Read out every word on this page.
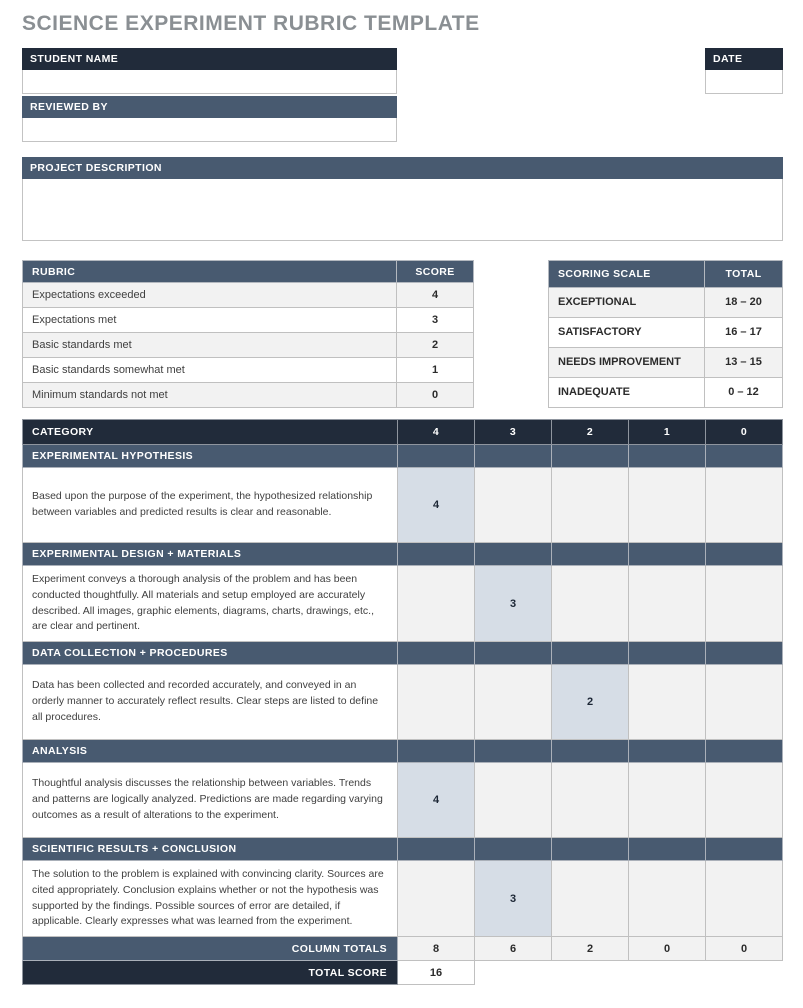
SCIENCE EXPERIMENT RUBRIC TEMPLATE
STUDENT NAME
REVIEWED BY
DATE
PROJECT DESCRIPTION
RUBRIC	SCORE
Expectations exceeded	4
Expectations met	3
Basic standards met	2
Basic standards somewhat met	1
Minimum standards not met	0
SCORING SCALE	TOTAL
EXCEPTIONAL	18 – 20
SATISFACTORY	16 – 17
NEEDS IMPROVEMENT	13 – 15
INADEQUATE	0 – 12
CATEGORY	4	3	2	1	0
EXPERIMENTAL HYPOTHESIS					
Based upon the purpose of the experiment, the hypothesized relationship between variables and predicted results is clear and reasonable.	4				
EXPERIMENTAL DESIGN + MATERIALS					
Experiment conveys a thorough analysis of the problem and has been conducted thoughtfully. All materials and setup employed are accurately described. All images, graphic elements, diagrams, charts, drawings, etc., are clear and pertinent.		3			
DATA COLLECTION + PROCEDURES					
Data has been collected and recorded accurately, and conveyed in an orderly manner to accurately reflect results. Clear steps are listed to define all procedures.			2		
ANALYSIS					
Thoughtful analysis discusses the relationship between variables. Trends and patterns are logically analyzed. Predictions are made regarding varying outcomes as a result of alterations to the experiment.	4				
SCIENTIFIC RESULTS + CONCLUSION					
The solution to the problem is explained with convincing clarity. Sources are cited appropriately. Conclusion explains whether or not the hypothesis was supported by the findings. Possible sources of error are detailed, if applicable. Clearly expresses what was learned from the experiment.		3			
COLUMN TOTALS	8	6	2	0	0
TOTAL SCORE	16				
